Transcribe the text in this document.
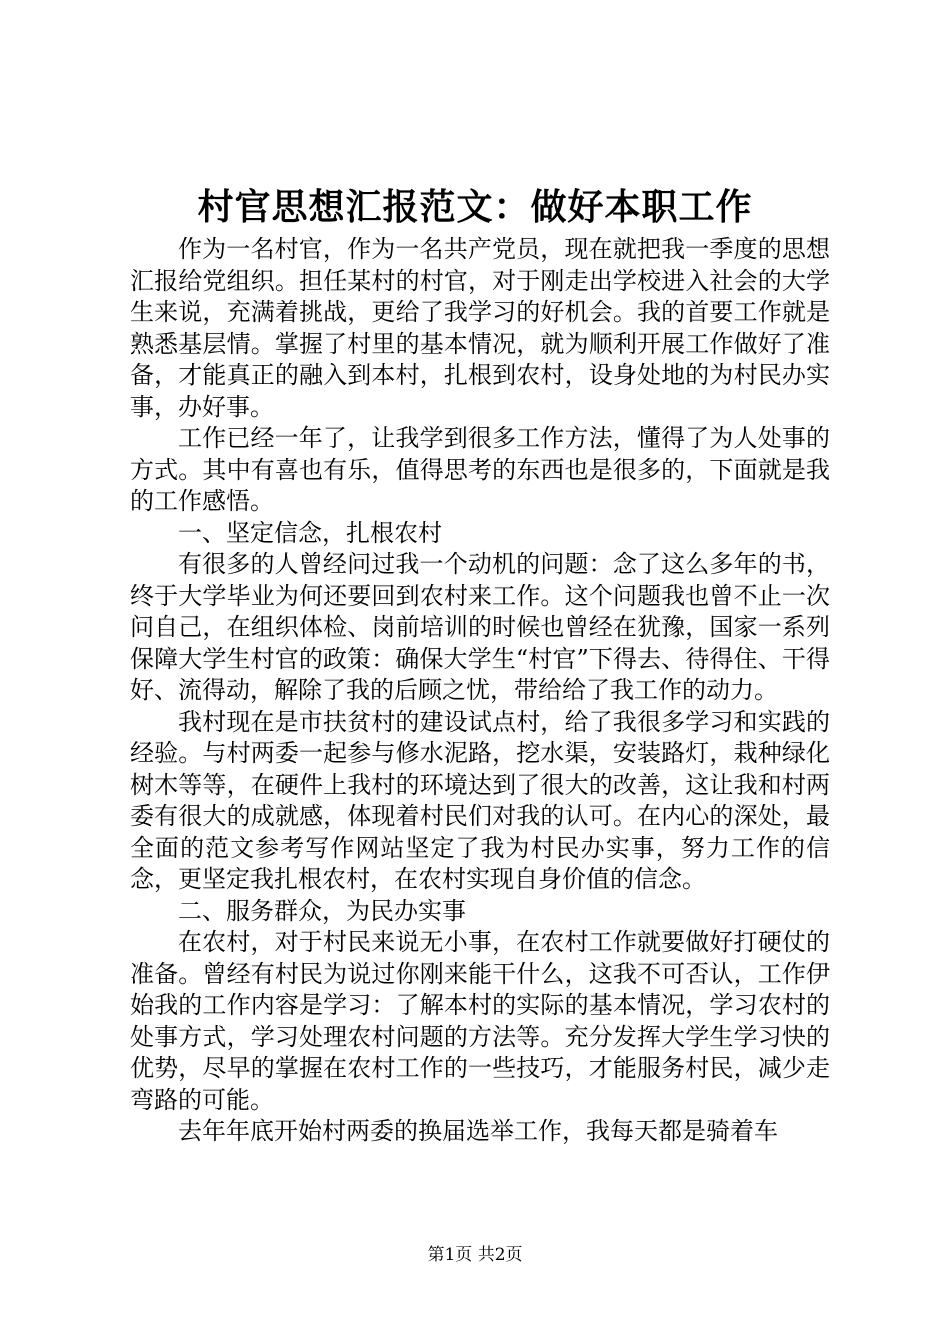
村官思想汇报范文：做好本职工作

作为一名村官，作为一名共产党员，现在就把我一季度的思想汇报给党组织。担任某村的村官，对于刚走出学校进入社会的大学生来说，充满着挑战，更给了我学习的好机会。我的首要工作就是熟悉基层情。掌握了村里的基本情况，就为顺利开展工作做好了准备，才能真正的融入到本村，扎根到农村，设身处地的为村民办实事，办好事。

工作已经一年了，让我学到很多工作方法，懂得了为人处事的方式。其中有喜也有乐，值得思考的东西也是很多的，下面就是我的工作感悟。

一、坚定信念，扎根农村

有很多的人曾经问过我一个动机的问题：念了这么多年的书，终于大学毕业为何还要回到农村来工作。这个问题我也曾不止一次问自己，在组织体检、岗前培训的时候也曾经在犹豫，国家一系列保障大学生村官的政策：确保大学生“村官”下得去、待得住、干得好、流得动，解除了我的后顾之忧，带给给了我工作的动力。

我村现在是市扶贫村的建设试点村，给了我很多学习和实践的经验。与村两委一起参与修水泥路，挖水渠，安装路灯，栽种绿化树木等等，在硬件上我村的环境达到了很大的改善，这让我和村两委有很大的成就感，体现着村民们对我的认可。在内心的深处，最全面的范文参考写作网站坚定了我为村民办实事，努力工作的信念，更坚定我扎根农村，在农村实现自身价值的信念。

二、服务群众，为民办实事

在农村，对于村民来说无小事，在农村工作就要做好打硬仗的准备。曾经有村民为说过你刚来能干什么，这我不可否认，工作伊始我的工作内容是学习：了解本村的实际的基本情况，学习农村的处事方式，学习处理农村问题的方法等。充分发挥大学生学习快的优势，尽早的掌握在农村工作的一些技巧，才能服务村民，减少走弯路的可能。

去年年底开始村两委的换届选举工作，我每天都是骑着车

第1页 共2页
